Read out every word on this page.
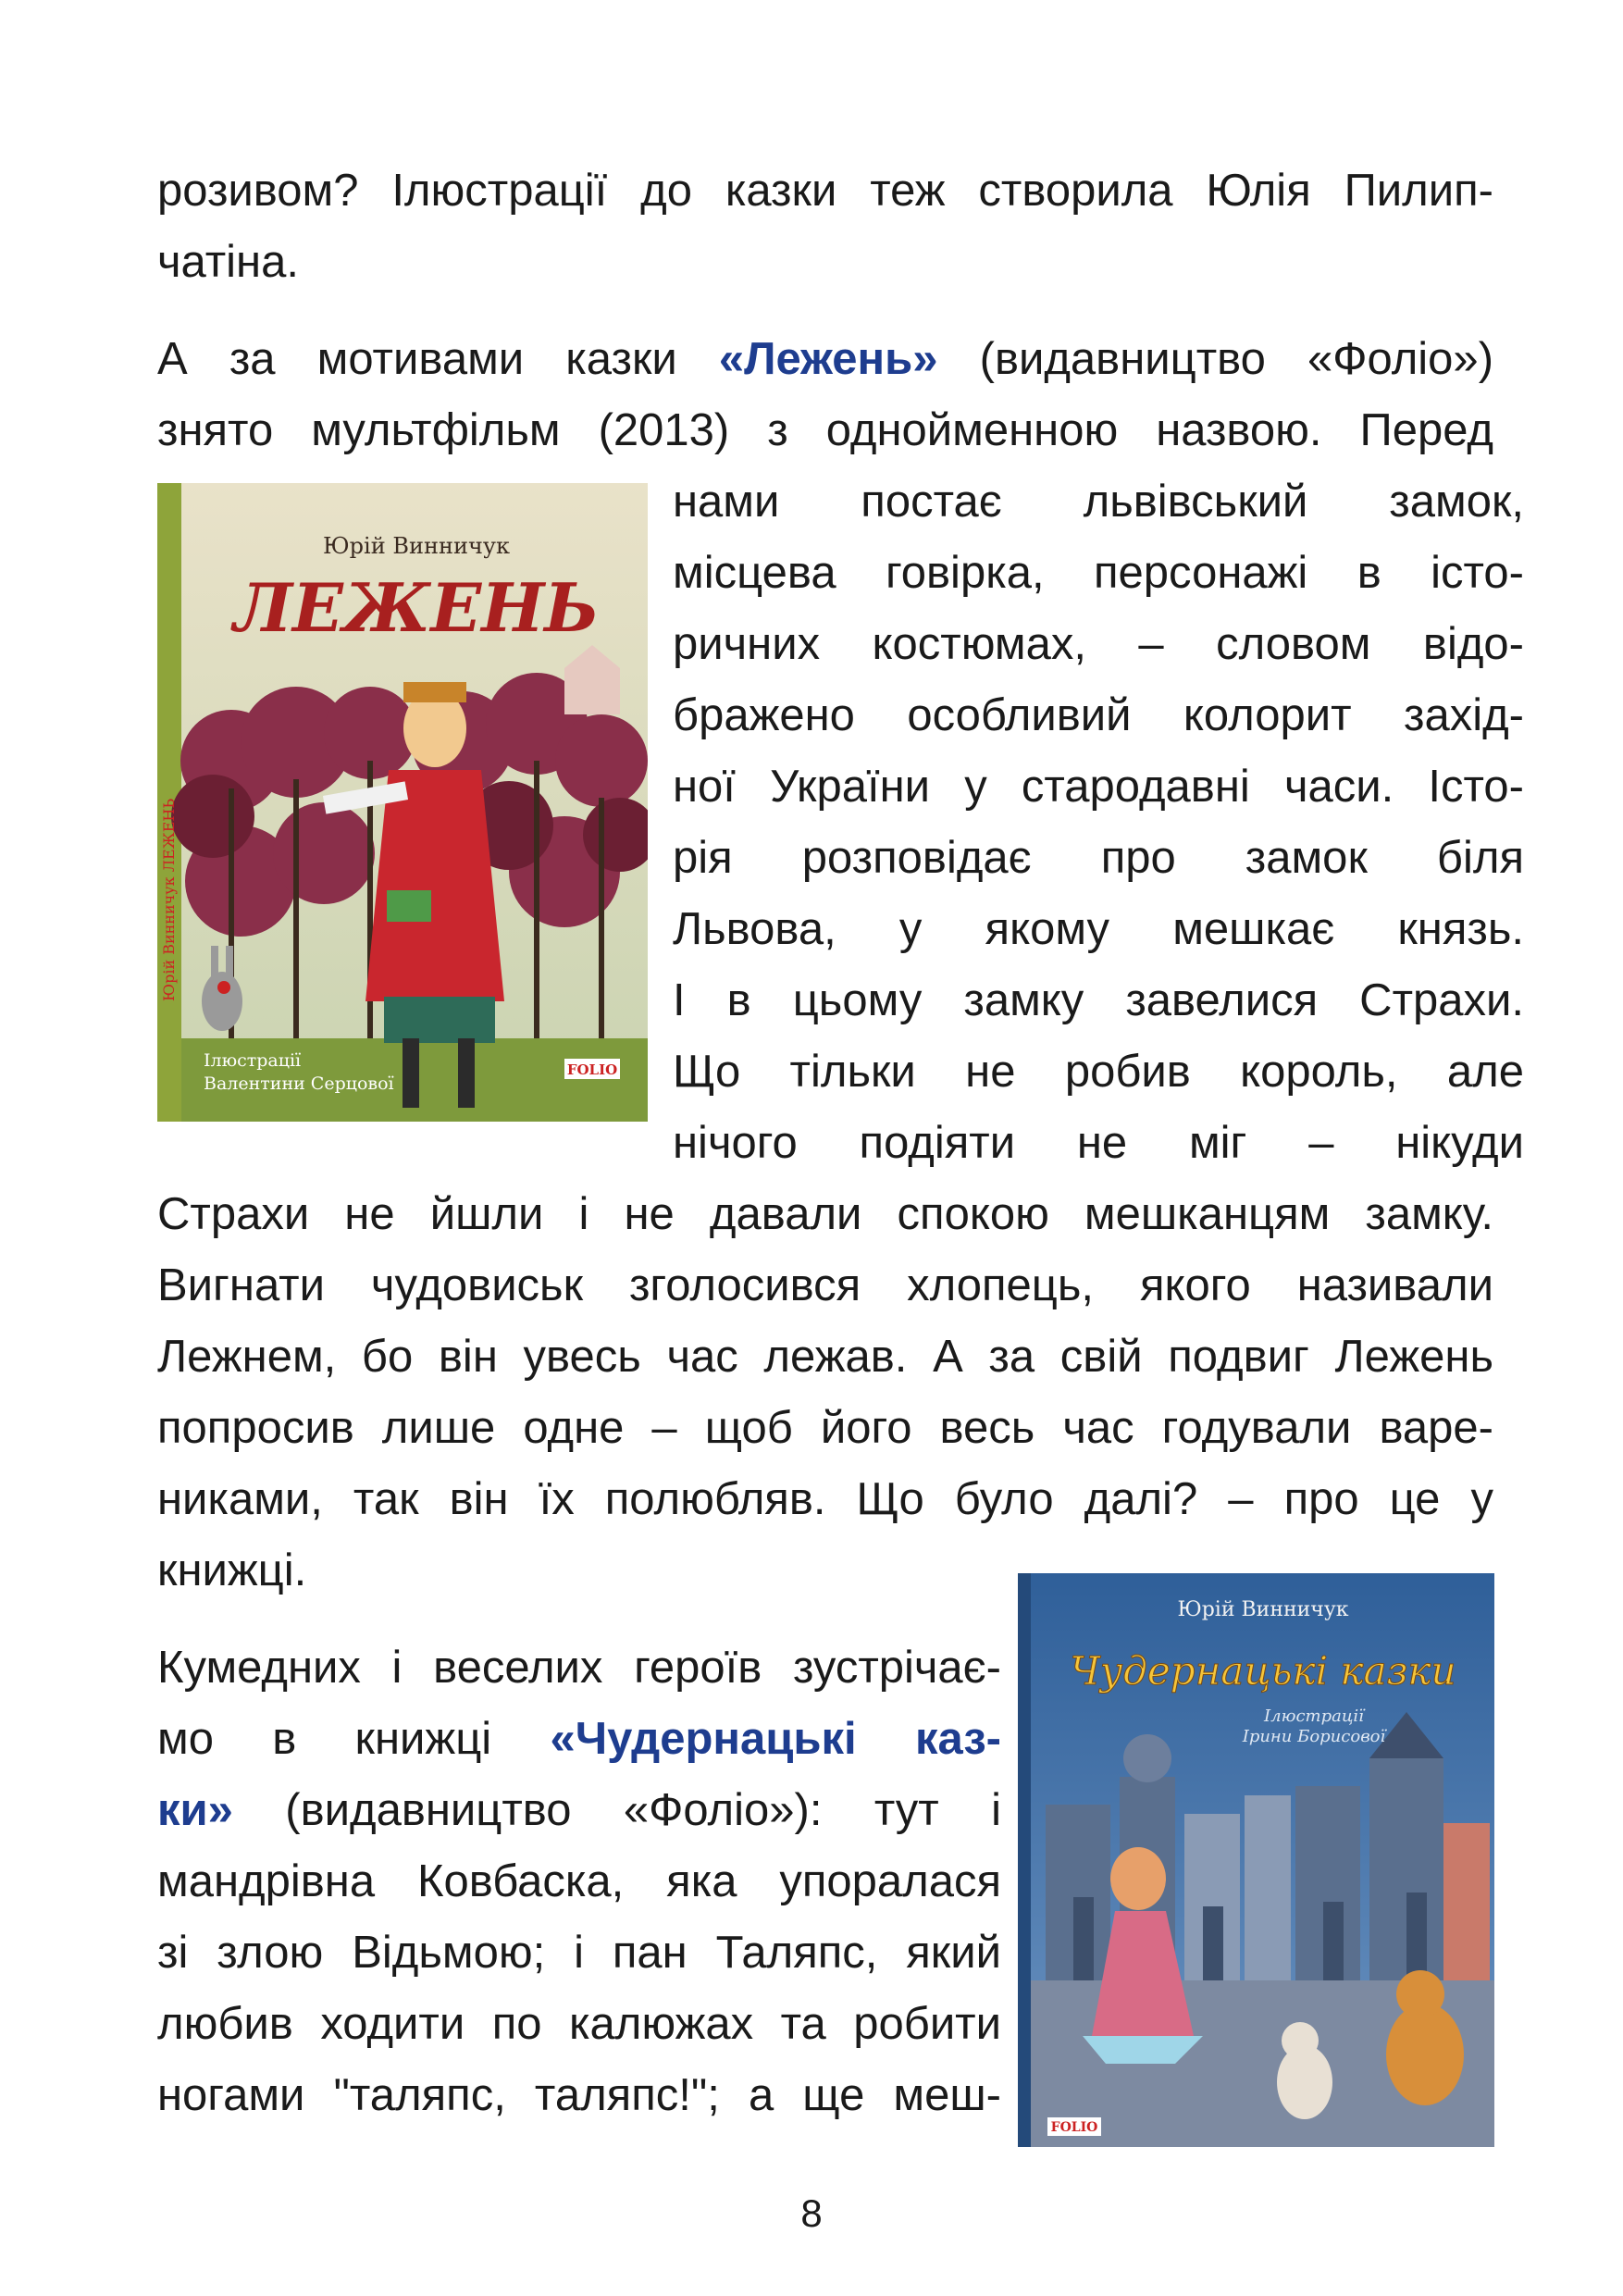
розивом? Ілюстрації до казки теж створила Юлія Пилип-
чатіна.
А за мотивами казки «Лежень» (видавництво «Фоліо»)
знято мультфільм (2013) з однойменною назвою. Перед
нами постає львівський замок,
місцева говірка, персонажі в істо-
ричних костюмах, – словом відо-
бражено особливий колорит захід-
ної України у стародавні часи. Істо-
рія розповідає про замок біля
Львова, у якому мешкає князь.
І в цьому замку завелися Страхи.
Що тільки не робив король, але
нічого подіяти не міг – нікуди
Страхи не йшли і не давали спокою мешканцям замку.
Вигнати чудовиськ зголосився хлопець, якого називали
Лежнем, бо він увесь час лежав. А за свій подвиг Лежень
попросив лише одне – щоб його весь час годували варе-
никами, так він їх полюбляв. Що було далі? – про це у
книжці.
Кумедних і веселих героїв зустрічає-
мо в книжці «Чудернацькі каз-
ки» (видавництво «Фоліо»): тут і
мандрівна Ковбаска, яка упоралася
зі злою Відьмою; і пан Таляпс, який
любив ходити по калюжах та робити
ногами "таляпс, таляпс!"; а ще меш-
Юрій Винничук
ЛЕЖЕНЬ
Ілюстрації
Валентини Серцової
FOLIO
Юрій Винничук ЛЕЖЕНЬ
Юрій Винничук
Чудернацькі казки
Ілюстрації
Ірини Борисової
FOLIO
8
